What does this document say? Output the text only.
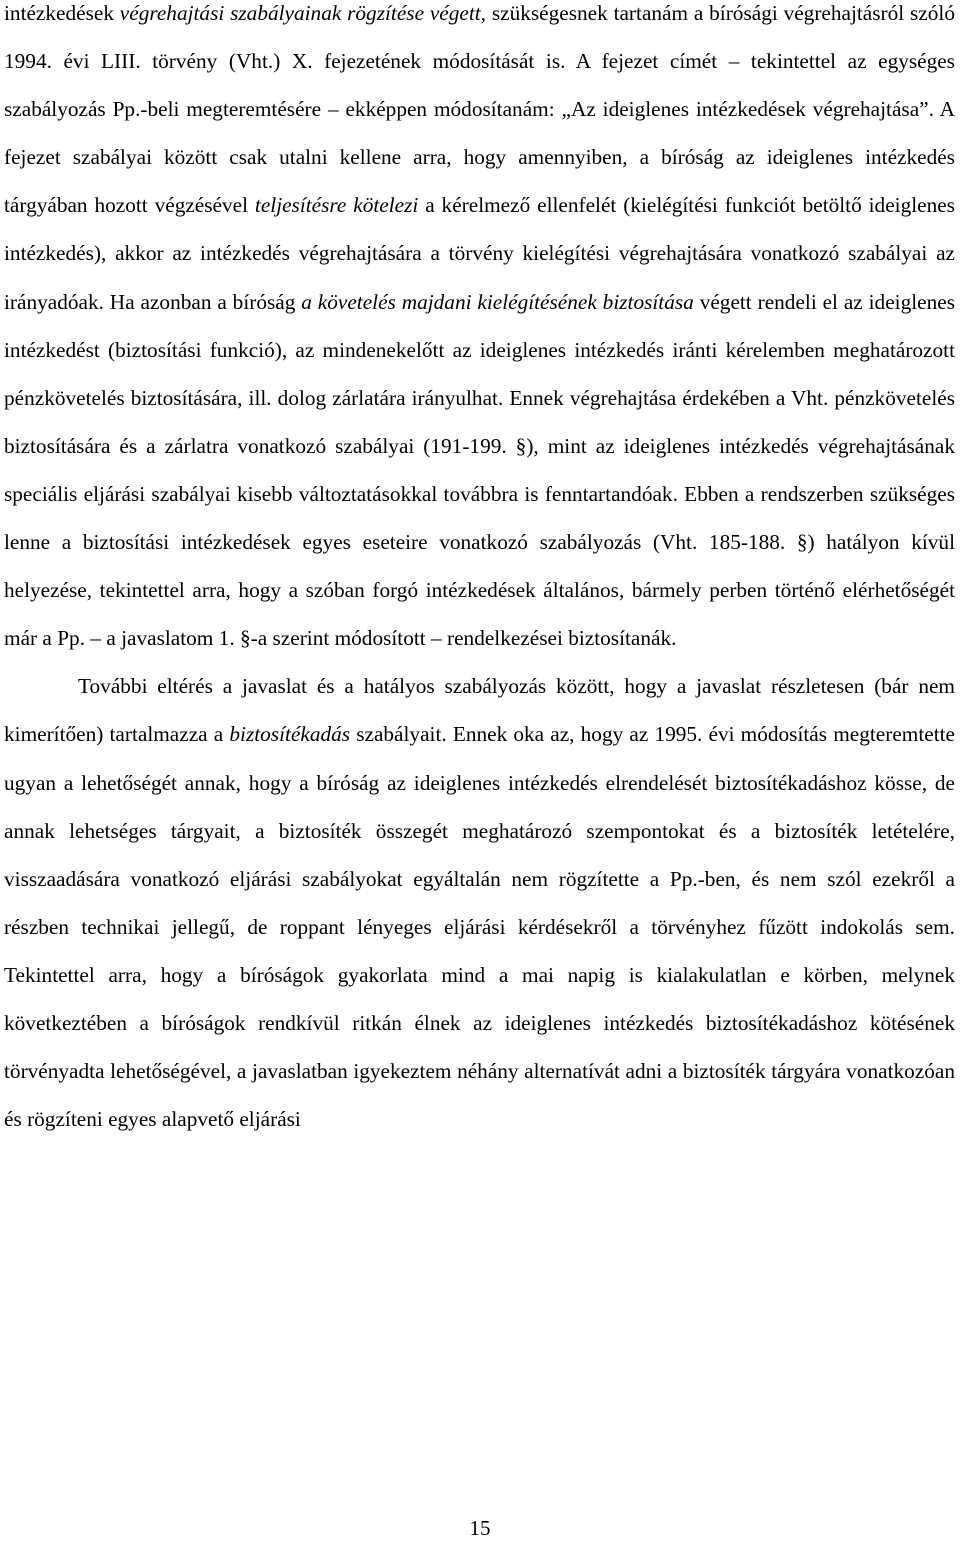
intézkedések végrehajtási szabályainak rögzítése végett, szükségesnek tartanám a bírósági végrehajtásról szóló 1994. évi LIII. törvény (Vht.) X. fejezetének módosítását is. A fejezet címét – tekintettel az egységes szabályozás Pp.-beli megteremtésére – ekképpen módosítanám: „Az ideiglenes intézkedések végrehajtása”. A fejezet szabályai között csak utalni kellene arra, hogy amennyiben, a bíróság az ideiglenes intézkedés tárgyában hozott végzésével teljesítésre kötelezi a kérelmező ellenfelét (kielégítési funkciót betöltő ideiglenes intézkedés), akkor az intézkedés végrehajtására a törvény kielégítési végrehajtására vonatkozó szabályai az irányadóak. Ha azonban a bíróság a követelés majdani kielégítésének biztosítása végett rendeli el az ideiglenes intézkedést (biztosítási funkció), az mindenekelőtt az ideiglenes intézkedés iránti kérelemben meghatározott pénzkövetelés biztosítására, ill. dolog zárlatára irányulhat. Ennek végrehajtása érdekében a Vht. pénzkövetelés biztosítására és a zárlatra vonatkozó szabályai (191-199. §), mint az ideiglenes intézkedés végrehajtásának speciális eljárási szabályai kisebb változtatásokkal továbbra is fenntartandóak. Ebben a rendszerben szükséges lenne a biztosítási intézkedések egyes eseteire vonatkozó szabályozás (Vht. 185-188. §) hatályon kívül helyezése, tekintettel arra, hogy a szóban forgó intézkedések általános, bármely perben történő elérhetőségét már a Pp. – a javaslatom 1. §-a szerint módosított – rendelkezései biztosítanák.

További eltérés a javaslat és a hatályos szabályozás között, hogy a javaslat részletesen (bár nem kimerítően) tartalmazza a biztosítékadás szabályait. Ennek oka az, hogy az 1995. évi módosítás megteremtette ugyan a lehetőségét annak, hogy a bíróság az ideiglenes intézkedés elrendelését biztosítékadáshoz kösse, de annak lehetséges tárgyait, a biztosíték összegét meghatározó szempontokat és a biztosíték letételére, visszaadására vonatkozó eljárási szabályokat egyáltalán nem rögzítette a Pp.-ben, és nem szól ezekről a részben technikai jellegű, de roppant lényeges eljárási kérdésekről a törvényhez fűzött indokolás sem. Tekintettel arra, hogy a bíróságok gyakorlata mind a mai napig is kialakulatlan e körben, melynek következtében a bíróságok rendkívül ritkán élnek az ideiglenes intézkedés biztosítékadáshoz kötésének törvényadta lehetőségével, a javaslatban igyekeztem néhány alternatívát adni a biztosíték tárgyára vonatkozóan és rögzíteni egyes alapvető eljárási

15
